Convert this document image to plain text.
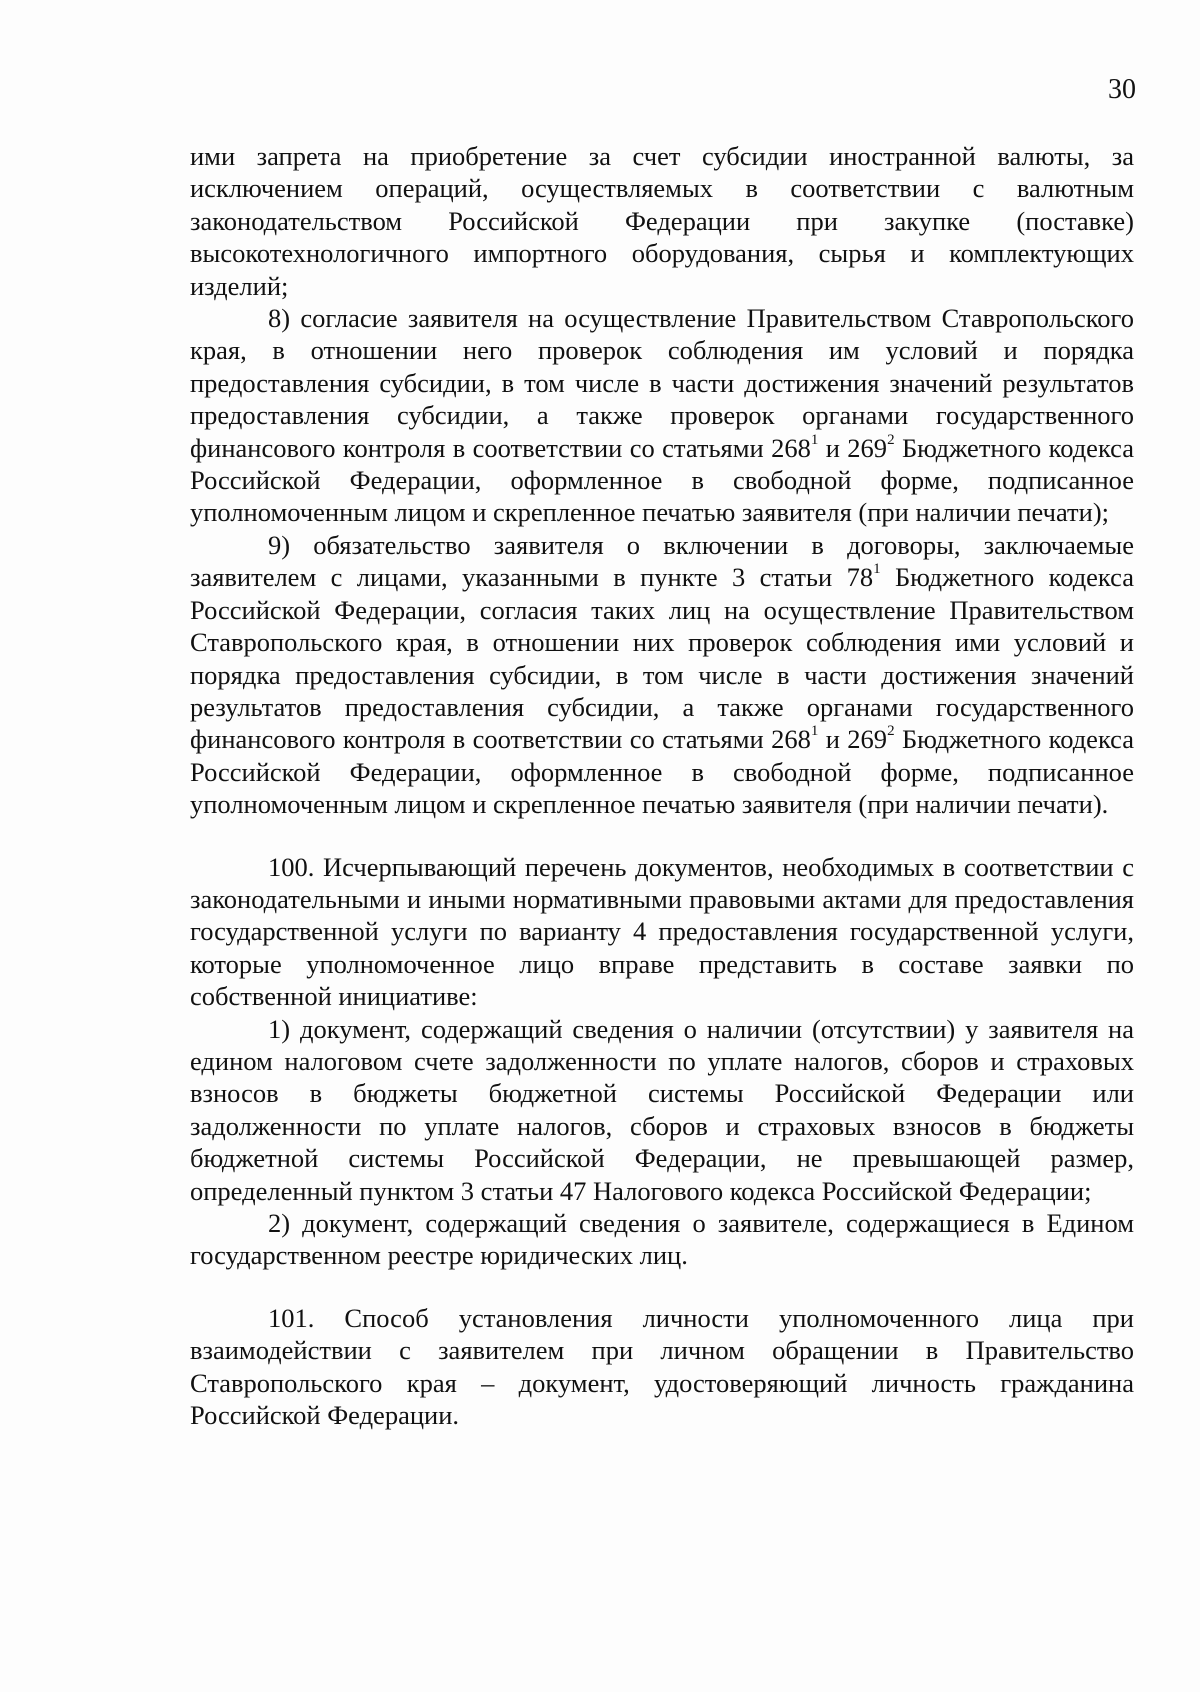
30

ими запрета на приобретение за счет субсидии иностранной валюты, за исключением операций, осуществляемых в соответствии с валютным законодательством Российской Федерации при закупке (поставке) высокотехнологичного импортного оборудования, сырья и комплектующих изделий;

8) согласие заявителя на осуществление Правительством Ставропольского края, в отношении него проверок соблюдения им условий и порядка предоставления субсидии, в том числе в части достижения значений результатов предоставления субсидии, а также проверок органами государственного финансового контроля в соответствии со статьями $268^1$ и $269^2$ Бюджетного кодекса Российской Федерации, оформленное в свободной форме, подписанное уполномоченным лицом и скрепленное печатью заявителя (при наличии печати);

9) обязательство заявителя о включении в договоры, заключаемые заявителем с лицами, указанными в пункте 3 статьи $78^1$ Бюджетного кодекса Российской Федерации, согласия таких лиц на осуществление Правительством Ставропольского края, в отношении них проверок соблюдения ими условий и порядка предоставления субсидии, в том числе в части достижения значений результатов предоставления субсидии, а также органами государственного финансового контроля в соответствии со статьями $268^1$ и $269^2$ Бюджетного кодекса Российской Федерации, оформленное в свободной форме, подписанное уполномоченным лицом и скрепленное печатью заявителя (при наличии печати).

100. Исчерпывающий перечень документов, необходимых в соответствии с законодательными и иными нормативными правовыми актами для предоставления государственной услуги по варианту 4 предоставления государственной услуги, которые уполномоченное лицо вправе представить в составе заявки по собственной инициативе:

1) документ, содержащий сведения о наличии (отсутствии) у заявителя на едином налоговом счете задолженности по уплате налогов, сборов и страховых взносов в бюджеты бюджетной системы Российской Федерации или задолженности по уплате налогов, сборов и страховых взносов в бюджеты бюджетной системы Российской Федерации, не превышающей размер, определенный пунктом 3 статьи 47 Налогового кодекса Российской Федерации;

2) документ, содержащий сведения о заявителе, содержащиеся в Едином государственном реестре юридических лиц.

101. Способ установления личности уполномоченного лица при взаимодействии с заявителем при личном обращении в Правительство Ставропольского края – документ, удостоверяющий личность гражданина Российской Федерации.
